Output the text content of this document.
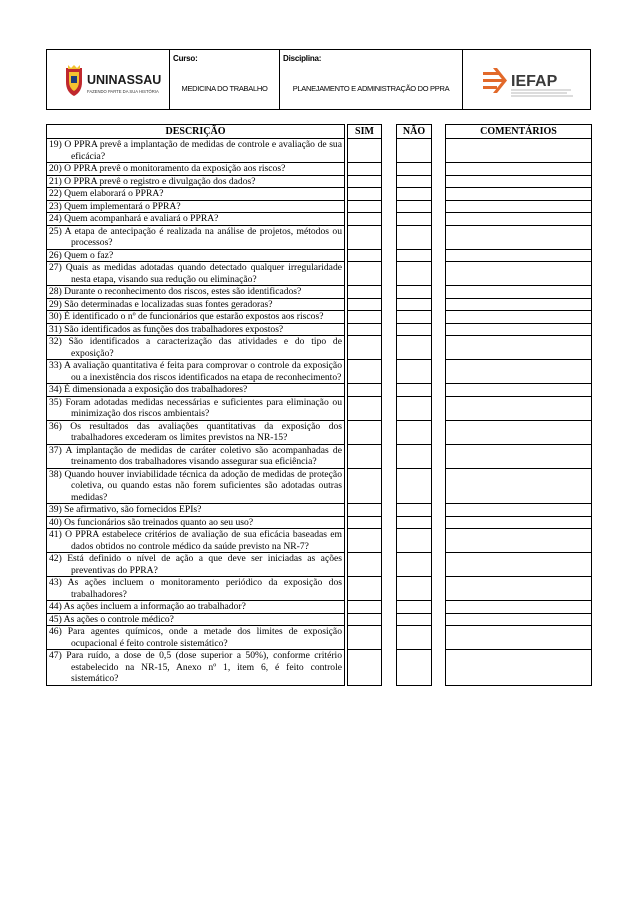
UNINASSAU
FAZENDO PARTE DA SUA HISTÓRIA
Curso:
MEDICINA DO TRABALHO
Disciplina:
PLANEJAMENTO E ADMINISTRAÇÃO DO PPRA	IEFAP
DESCRIÇÃO		SIM		NÃO		COMENTÁRIOS

19) O PPRA prevê a implantação de medidas de controle e avaliação de sua eficácia?						

20) O PPRA prevê o monitoramento da exposição aos riscos?						

21) O PPRA prevê o registro e divulgação dos dados?						

22) Quem elaborará o PPRA?						

23) Quem implementará o PPRA?						

24) Quem acompanhará e avaliará o PPRA?						

25) A etapa de antecipação é realizada na análise de projetos, métodos ou processos?						

26) Quem o faz?						

27) Quais as medidas adotadas quando detectado qualquer irregularidade nesta etapa, visando sua redução ou eliminação?						

28) Durante o reconhecimento dos riscos, estes são identificados?						

29) São determinadas e localizadas suas fontes geradoras?						

30) É identificado o nº de funcionários que estarão expostos aos riscos?						

31) São identificados as funções dos trabalhadores expostos?						

32) São identificados a caracterização das atividades e do tipo de exposição?						

33) A avaliação quantitativa é feita para comprovar o controle da exposição ou a inexistência dos riscos identificados na etapa de reconhecimento?						

34) É dimensionada a exposição dos trabalhadores?						

35) Foram adotadas medidas necessárias e suficientes para eliminação ou minimização dos riscos ambientais?						

36) Os resultados das avaliações quantitativas da exposição dos trabalhadores excederam os limites previstos na NR-15?						

37) A implantação de medidas de caráter coletivo são acompanhadas de treinamento dos trabalhadores visando assegurar sua eficiência?						

38) Quando houver inviabilidade técnica da adoção de medidas de proteção coletiva, ou quando estas não forem suficientes são adotadas outras medidas?						

39) Se afirmativo, são fornecidos EPIs?						

40) Os funcionários são treinados quanto ao seu uso?						

41) O PPRA estabelece critérios de avaliação de sua eficácia baseadas em dados obtidos no controle médico da saúde previsto na NR-7?						

42) Está definido o nível de ação a que deve ser iniciadas as ações preventivas do PPRA?						

43) As ações incluem o monitoramento periódico da exposição dos trabalhadores?						

44) As ações incluem a informação ao trabalhador?						

45) As ações o controle médico?						

46) Para agentes químicos, onde a metade dos limites de exposição ocupacional é feito controle sistemático?						

47) Para ruído, a dose de 0,5 (dose superior a 50%), conforme critério estabelecido na NR-15, Anexo nº 1, item 6, é feito controle sistemático?						
